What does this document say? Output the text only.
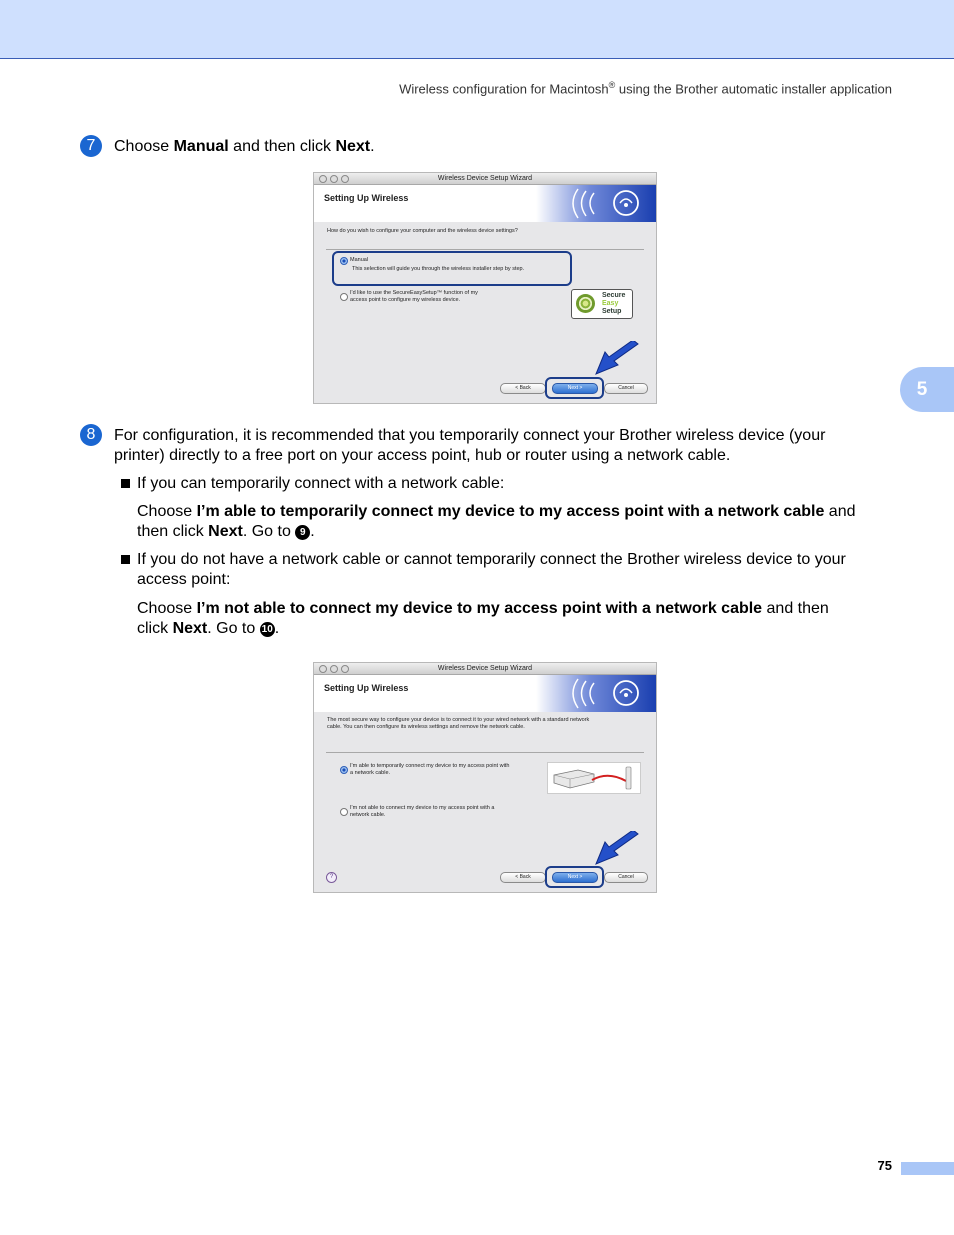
Wireless configuration for Macintosh® using the Brother automatic installer application
5
7	Choose Manual and then click Next.
Wireless Device Setup Wizard
Setting Up Wireless
How do you wish to configure your computer and the wireless device settings?
Manual
This selection will guide you through the wireless installer step by step.
I'd like to use the SecureEasySetup™ function of my
access point to configure my wireless device.
Secure
Easy
Setup
< Back	Next >	Cancel
8	For configuration, it is recommended that you temporarily connect your Brother wireless device (your
printer) directly to a free port on your access point, hub or router using a network cable.
If you can temporarily connect with a network cable:
Choose I’m able to temporarily connect my device to my access point with a network cable and
then click Next. Go to 9 .
If you do not have a network cable or cannot temporarily connect the Brother wireless device to your
access point:
Choose I’m not able to connect my device to my access point with a network cable and then
click Next. Go to 10 .
Wireless Device Setup Wizard
Setting Up Wireless
The most secure way to configure your device is to connect it to your wired network with a standard network
cable. You can then configure its wireless settings and remove the network cable.
I'm able to temporarily connect my device to my access point with
a network cable.
I'm not able to connect my device to my access point with a
network cable.
?	< Back	Next >	Cancel
75
